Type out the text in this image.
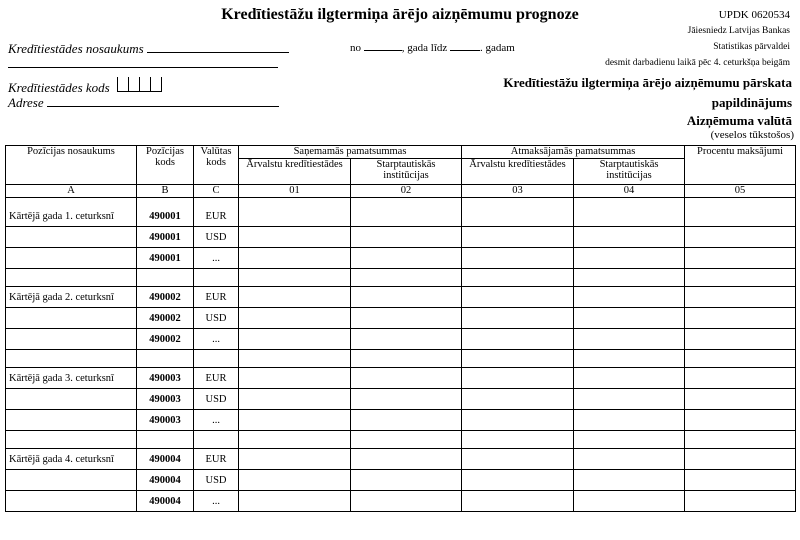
Kredītiestāžu ilgtermiņa ārējo aizņēmumu prognoze	UPDK 0620534
Jāiesniedz Latvijas Bankas
Statistikas pārvaldei
desmit darbadienu laikā pēc 4. ceturkšņa beigām
Kredītiestāžu ilgtermiņa ārējo aizņēmumu pārskata
papildinājums
Aizņēmuma valūtā
(veselos tūkstošos)
Kredītiestādes nosaukums
Kredītiestādes kods
Adrese
no	, gada līdz	. gadam
Pozīcijas nosaukums	Pozīcijas kods	Valūtas kods	Saņemamās pamatsummas		Atmaksājamās pamatsummas		Procentu maksājumi
			Ārvalstu kredītiestādes	Starptautiskās institūcijas	Ārvalstu kredītiestādes	Starptautiskās institūcijas	
A	B	C	01	02	03	04	05

Kārtējā gada 1. ceturksnī	490001	EUR					
	490001	USD					
	490001	...					

Kārtējā gada 2. ceturksnī	490002	EUR					
	490002	USD					
	490002	...					

Kārtējā gada 3. ceturksnī	490003	EUR					
	490003	USD					
	490003	...					

Kārtējā gada 4. ceturksnī	490004	EUR					
	490004	USD					
	490004	...					
